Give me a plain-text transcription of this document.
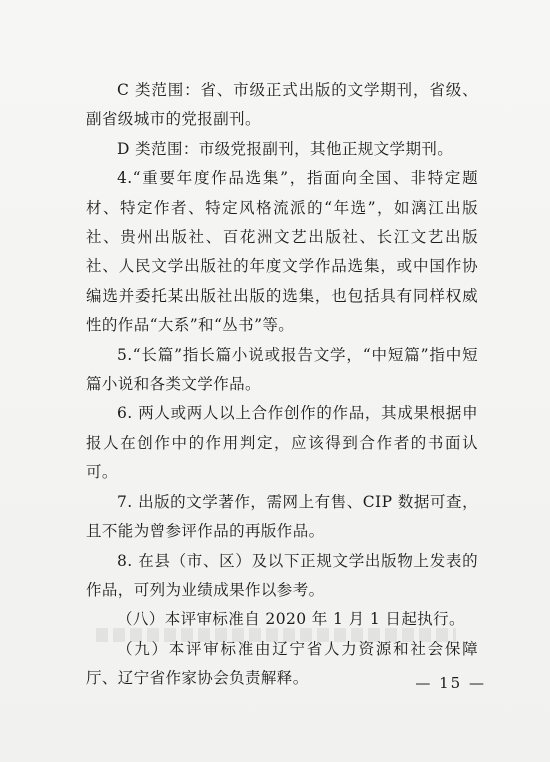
C 类范围：省、市级正式出版的文学期刊，省级、副省级城市的党报副刊。

D 类范围：市级党报副刊，其他正规文学期刊。

4.“重要年度作品选集”，指面向全国、非特定题材、特定作者、特定风格流派的“年选”，如漓江出版社、贵州出版社、百花洲文艺出版社、长江文艺出版社、人民文学出版社的年度文学作品选集，或中国作协编选并委托某出版社出版的选集，也包括具有同样权威性的作品“大系”和“丛书”等。

5.“长篇”指长篇小说或报告文学，“中短篇”指中短篇小说和各类文学作品。

6. 两人或两人以上合作创作的作品，其成果根据申报人在创作中的作用判定，应该得到合作者的书面认可。

7. 出版的文学著作，需网上有售、CIP 数据可查，且不能为曾参评作品的再版作品。

8. 在县（市、区）及以下正规文学出版物上发表的作品，可列为业绩成果作以参考。

（八）本评审标准自 2020 年 1 月 1 日起执行。

（九）本评审标准由辽宁省人力资源和社会保障厅、辽宁省作家协会负责解释。	— 15 —
